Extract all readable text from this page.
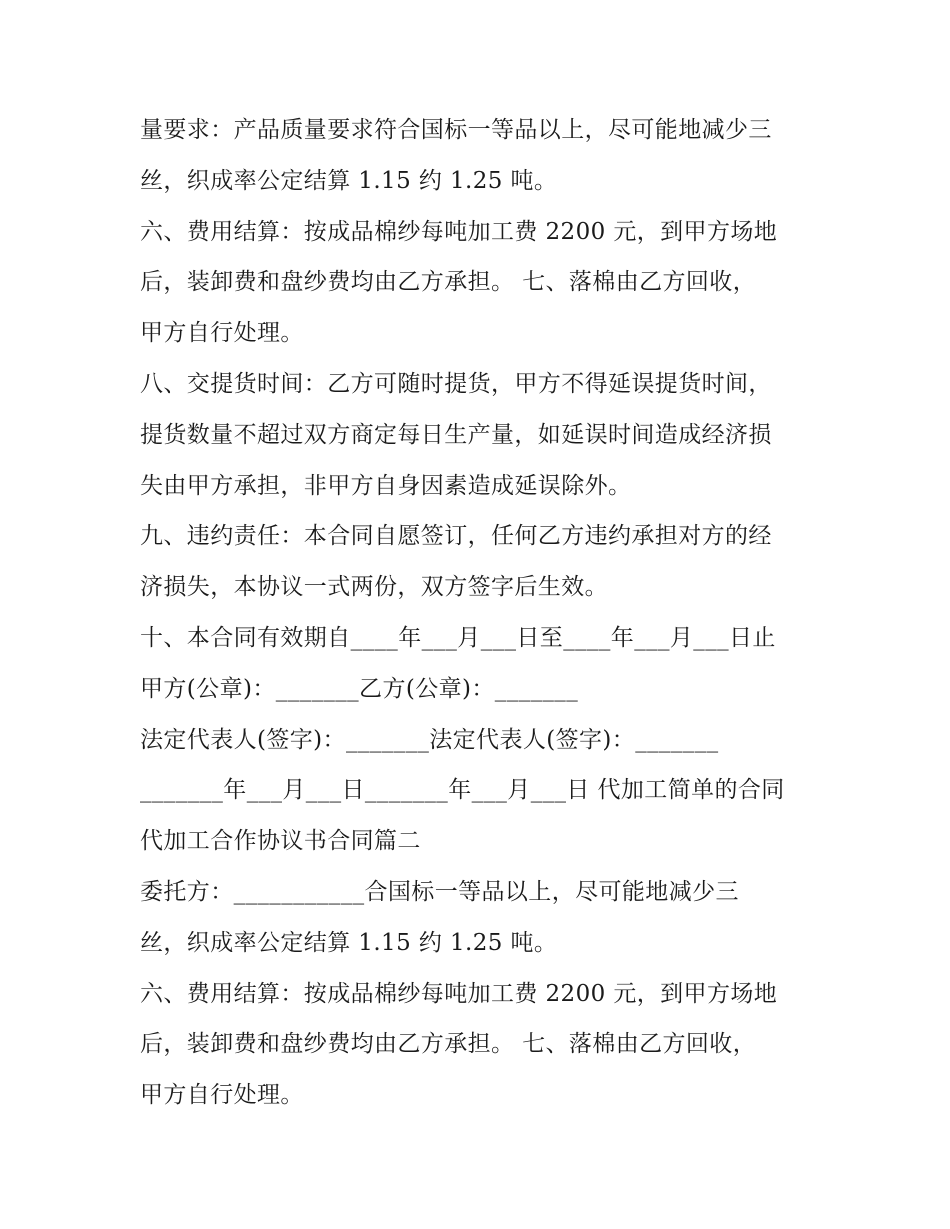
量要求：产品质量要求符合国标一等品以上，尽可能地减少三
丝，织成率公定结算 1.15 约 1.25 吨。
六、费用结算：按成品棉纱每吨加工费 2200 元，到甲方场地
后，装卸费和盘纱费均由乙方承担。 七、落棉由乙方回收，
甲方自行处理。
八、交提货时间：乙方可随时提货，甲方不得延误提货时间，
提货数量不超过双方商定每日生产量，如延误时间造成经济损
失由甲方承担，非甲方自身因素造成延误除外。
九、违约责任：本合同自愿签订，任何乙方违约承担对方的经
济损失，本协议一式两份，双方签字后生效。
十、本合同有效期自____年___月___日至____年___月___日止
甲方(公章)：_______乙方(公章)：_______
法定代表人(签字)：_______法定代表人(签字)：_______
_______年___月___日_______年___月___日 代加工简单的合同
代加工合作协议书合同篇二
委托方：___________合国标一等品以上，尽可能地减少三
丝，织成率公定结算 1.15 约 1.25 吨。
六、费用结算：按成品棉纱每吨加工费 2200 元，到甲方场地
后，装卸费和盘纱费均由乙方承担。 七、落棉由乙方回收，
甲方自行处理。
